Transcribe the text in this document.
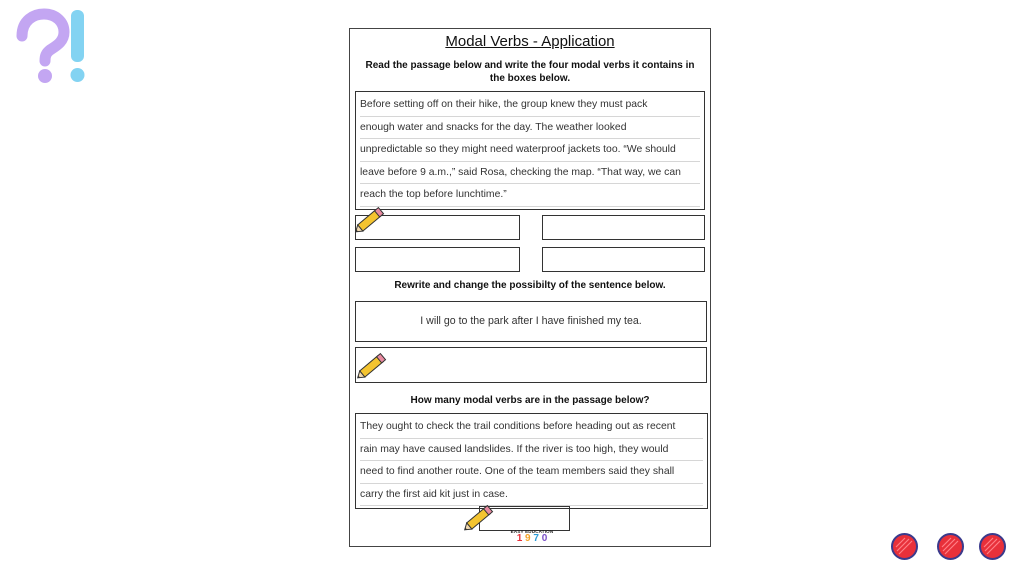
Modal Verbs - Application
Read the passage below and write the four modal verbs it contains in
the boxes below.
Before setting off on their hike, the group knew they must pack
enough water and snacks for the day. The weather looked
unpredictable so they might need waterproof jackets too. “We should
leave before 9 a.m.,” said Rosa, checking the map. “That way, we can
reach the top before lunchtime.”
Rewrite and change the possibilty of the sentence below.
I will go to the park after I have finished my tea.
How many modal verbs are in the passage below?
They ought to check the trail conditions before heading out as recent
rain may have caused landslides. If the river is too high, they would
need to find another route. One of the team members said they shall
carry the first aid kit just in case.
EASY EDUCATION
1 9 7 0
